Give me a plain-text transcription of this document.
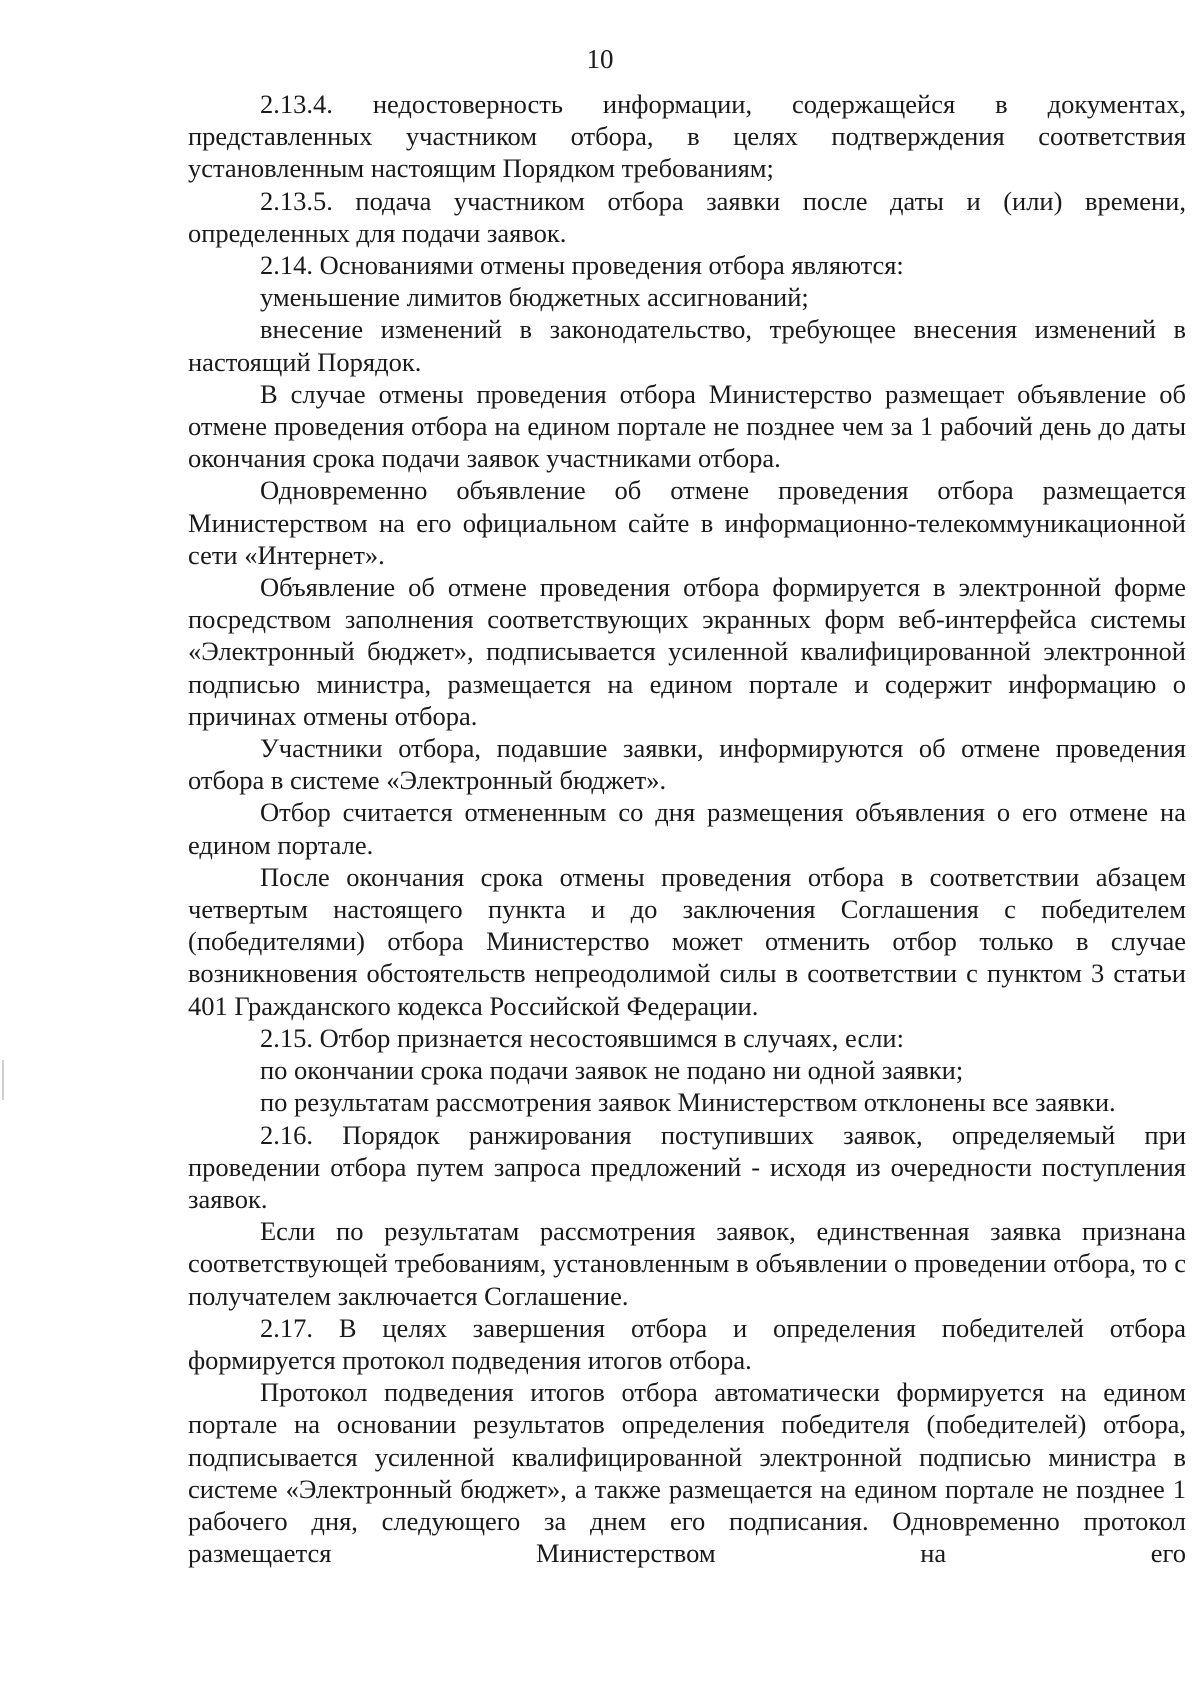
10

2.13.4. недостоверность информации, содержащейся в документах, представленных участником отбора, в целях подтверждения соответствия установленным настоящим Порядком требованиям;

2.13.5. подача участником отбора заявки после даты и (или) времени, определенных для подачи заявок.

2.14. Основаниями отмены проведения отбора являются:

уменьшение лимитов бюджетных ассигнований;

внесение изменений в законодательство, требующее внесения изменений в настоящий Порядок.

В случае отмены проведения отбора Министерство размещает объявление об отмене проведения отбора на едином портале не позднее чем за 1 рабочий день до даты окончания срока подачи заявок участниками отбора.

Одновременно объявление об отмене проведения отбора размещается Министерством на его официальном сайте в информационно-телекоммуникационной сети «Интернет».

Объявление об отмене проведения отбора формируется в электронной форме посредством заполнения соответствующих экранных форм веб-интерфейса системы «Электронный бюджет», подписывается усиленной квалифицированной электронной подписью министра, размещается на едином портале и содержит информацию о причинах отмены отбора.

Участники отбора, подавшие заявки, информируются об отмене проведения отбора в системе «Электронный бюджет».

Отбор считается отмененным со дня размещения объявления о его отмене на едином портале.

После окончания срока отмены проведения отбора в соответствии абзацем четвертым настоящего пункта и до заключения Соглашения с победителем (победителями) отбора Министерство может отменить отбор только в случае возникновения обстоятельств непреодолимой силы в соответствии с пунктом 3 статьи 401 Гражданского кодекса Российской Федерации.

2.15. Отбор признается несостоявшимся в случаях, если:

по окончании срока подачи заявок не подано ни одной заявки;

по результатам рассмотрения заявок Министерством отклонены все заявки.

2.16. Порядок ранжирования поступивших заявок, определяемый при проведении отбора путем запроса предложений - исходя из очередности поступления заявок.

Если по результатам рассмотрения заявок, единственная заявка признана соответствующей требованиям, установленным в объявлении о проведении отбора, то с получателем заключается Соглашение.

2.17. В целях завершения отбора и определения победителей отбора формируется протокол подведения итогов отбора.

Протокол подведения итогов отбора автоматически формируется на едином портале на основании результатов определения победителя (победителей) отбора, подписывается усиленной квалифицированной электронной подписью министра в системе «Электронный бюджет», а также размещается на едином портале не позднее 1 рабочего дня, следующего за днем его подписания. Одновременно протокол размещается Министерством на его
